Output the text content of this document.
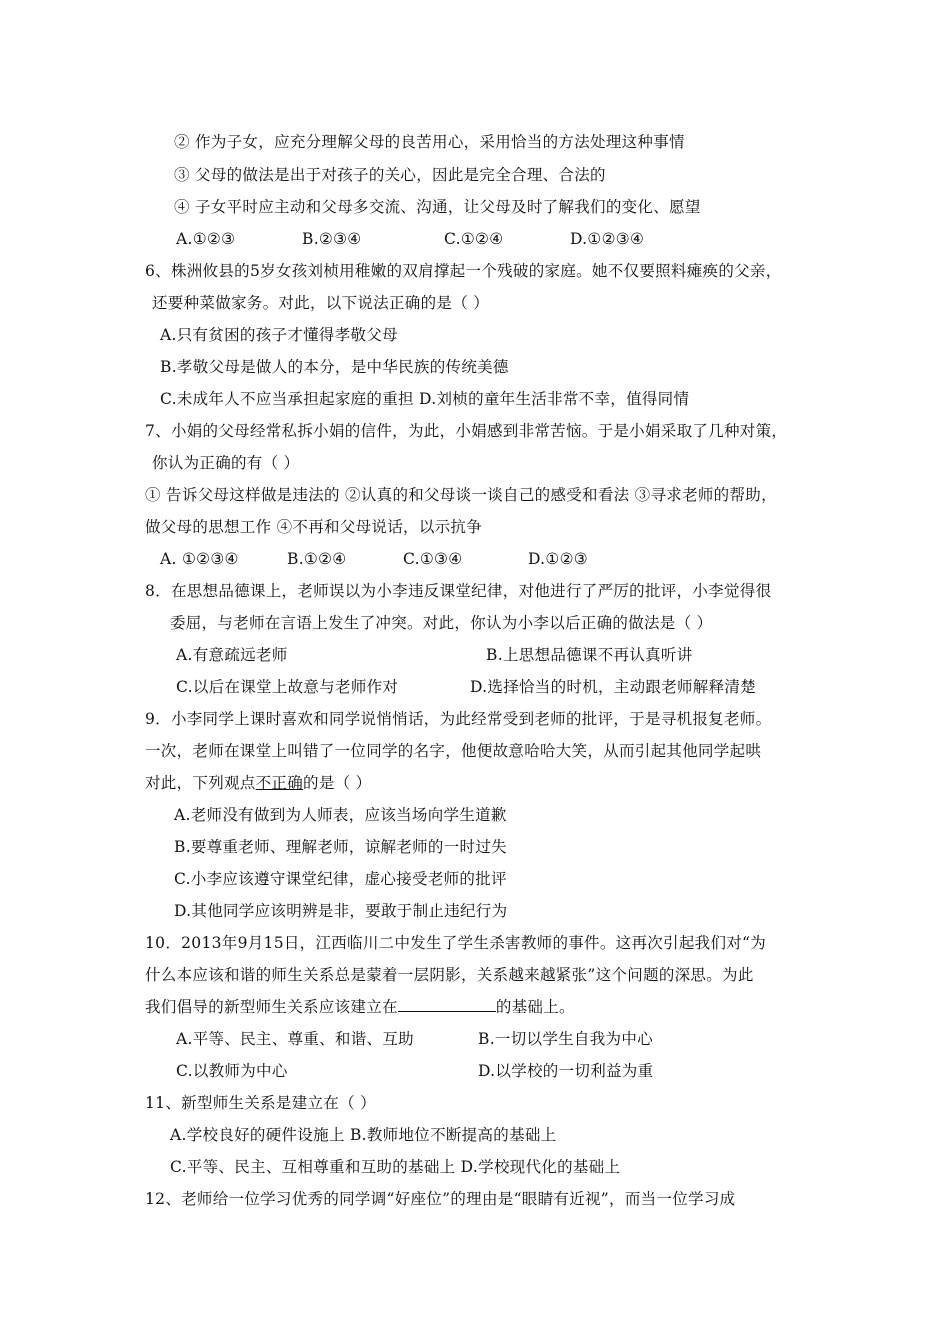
② 作为子女，应充分理解父母的良苦用心，采用恰当的方法处理这种事情
③ 父母的做法是出于对孩子的关心，因此是完全合理、合法的
④ 子女平时应主动和父母多交流、沟通，让父母及时了解我们的变化、愿望
A.①②③	B.②③④	C.①②④	D.①②③④
6、株洲攸县的5岁女孩刘桢用稚嫩的双肩撑起一个残破的家庭。她不仅要照料瘫痪的父亲，
还要种菜做家务。对此，以下说法正确的是（ ）
A.只有贫困的孩子才懂得孝敬父母
B.孝敬父母是做人的本分，是中华民族的传统美德
C.未成年人不应当承担起家庭的重担 D.刘桢的童年生活非常不幸，值得同情
7、小娟的父母经常私拆小娟的信件，为此，小娟感到非常苦恼。于是小娟采取了几种对策，
你认为正确的有（ ）
① 告诉父母这样做是违法的 ②认真的和父母谈一谈自己的感受和看法 ③寻求老师的帮助，
做父母的思想工作 ④不再和父母说话，以示抗争
A. ①②③④	B.①②④	C.①③④	D.①②③
8．在思想品德课上，老师误以为小李违反课堂纪律，对他进行了严厉的批评，小李觉得很
委屈，与老师在言语上发生了冲突。对此，你认为小李以后正确的做法是（ ）
A.有意疏远老师	B.上思想品德课不再认真听讲
C.以后在课堂上故意与老师作对	D.选择恰当的时机，主动跟老师解释清楚
9．小李同学上课时喜欢和同学说悄悄话，为此经常受到老师的批评，于是寻机报复老师。
一次，老师在课堂上叫错了一位同学的名字，他便故意哈哈大笑，从而引起其他同学起哄
对此，下列观点不正确的是（ ）
A.老师没有做到为人师表，应该当场向学生道歉
B.要尊重老师、理解老师，谅解老师的一时过失
C.小李应该遵守课堂纪律，虚心接受老师的批评
D.其他同学应该明辨是非，要敢于制止违纪行为
10．2013年9月15日，江西临川二中发生了学生杀害教师的事件。这再次引起我们对“为
什么本应该和谐的师生关系总是蒙着一层阴影，关系越来越紧张”这个问题的深思。为此
我们倡导的新型师生关系应该建立在	的基础上。
A.平等、民主、尊重、和谐、互助	B.一切以学生自我为中心
C.以教师为中心	D.以学校的一切利益为重
11、新型师生关系是建立在（ ）
A.学校良好的硬件设施上 B.教师地位不断提高的基础上
C.平等、民主、互相尊重和互助的基础上 D.学校现代化的基础上
12、老师给一位学习优秀的同学调“好座位”的理由是“眼睛有近视”，而当一位学习成
